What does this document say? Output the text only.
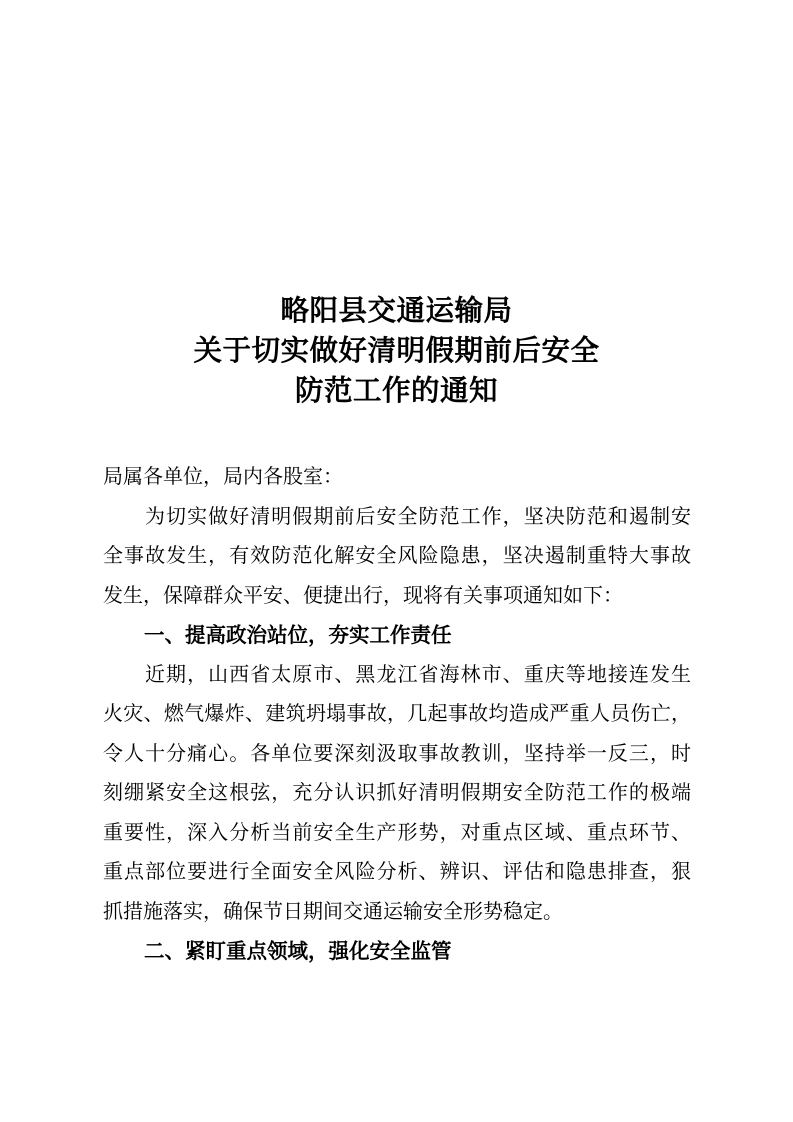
略阳县交通运输局
关于切实做好清明假期前后安全
防范工作的通知
局属各单位，局内各股室：
为切实做好清明假期前后安全防范工作，坚决防范和遏制安
全事故发生，有效防范化解安全风险隐患，坚决遏制重特大事故
发生，保障群众平安、便捷出行，现将有关事项通知如下：
一、提高政治站位，夯实工作责任
近期，山西省太原市、黑龙江省海林市、重庆等地接连发生
火灾、燃气爆炸、建筑坍塌事故，几起事故均造成严重人员伤亡，
令人十分痛心。各单位要深刻汲取事故教训，坚持举一反三，时
刻绷紧安全这根弦，充分认识抓好清明假期安全防范工作的极端
重要性，深入分析当前安全生产形势，对重点区域、重点环节、
重点部位要进行全面安全风险分析、辨识、评估和隐患排查，狠
抓措施落实，确保节日期间交通运输安全形势稳定。
二、紧盯重点领域，强化安全监管
